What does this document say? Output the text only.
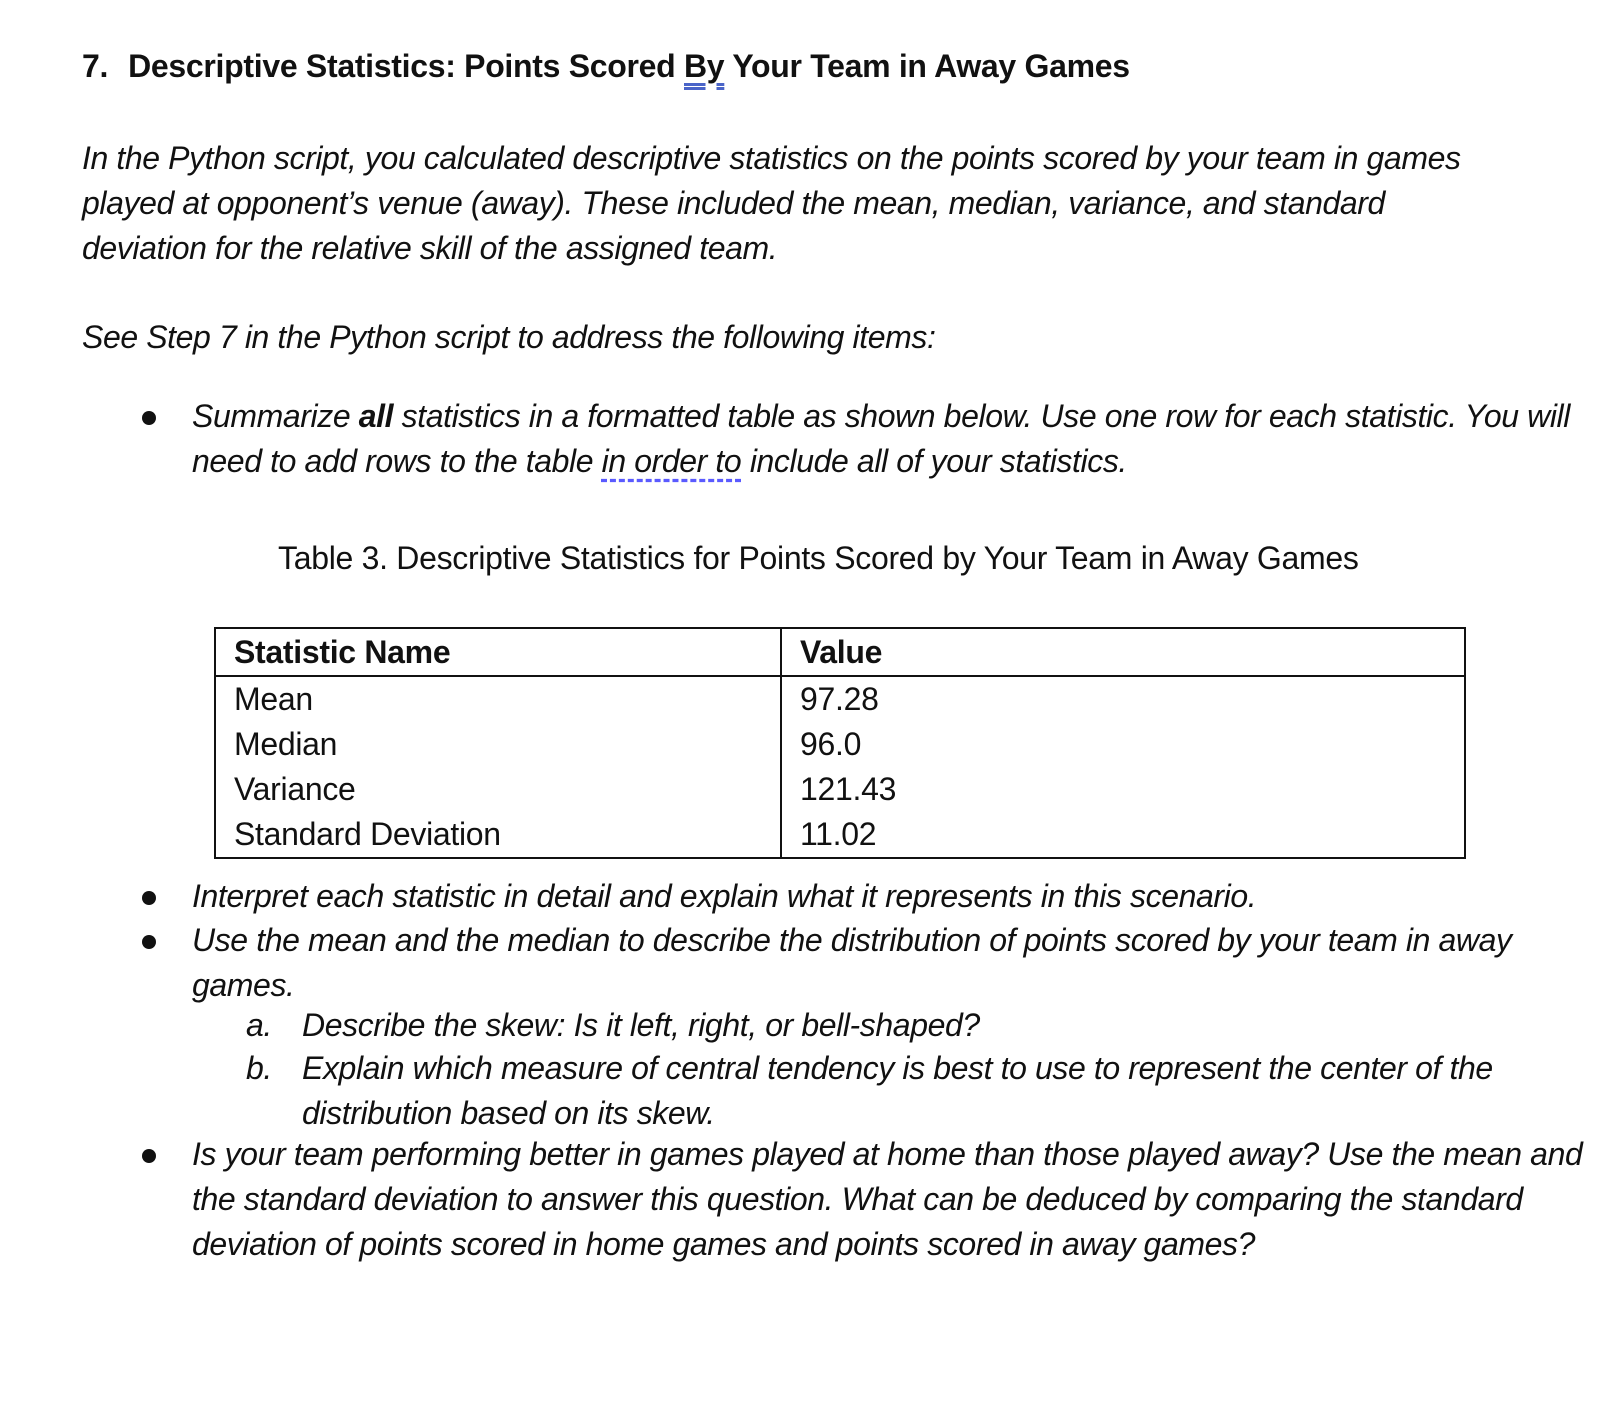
7. Descriptive Statistics: Points Scored By Your Team in Away Games

In the Python script, you calculated descriptive statistics on the points scored by your team in games played at opponent’s venue (away). These included the mean, median, variance, and standard deviation for the relative skill of the assigned team.

See Step 7 in the Python script to address the following items:

Summarize all statistics in a formatted table as shown below. Use one row for each statistic. You will need to add rows to the table in order to include all of your statistics.

Table 3. Descriptive Statistics for Points Scored by Your Team in Away Games
Statistic Name	Value
Mean	97.28
Median	96.0
Variance	121.43
Standard Deviation	11.02

Interpret each statistic in detail and explain what it represents in this scenario.

Use the mean and the median to describe the distribution of points scored by your team in away games.

a. Describe the skew: Is it left, right, or bell-shaped?

b. Explain which measure of central tendency is best to use to represent the center of the distribution based on its skew.

Is your team performing better in games played at home than those played away? Use the mean and the standard deviation to answer this question. What can be deduced by comparing the standard deviation of points scored in home games and points scored in away games?
